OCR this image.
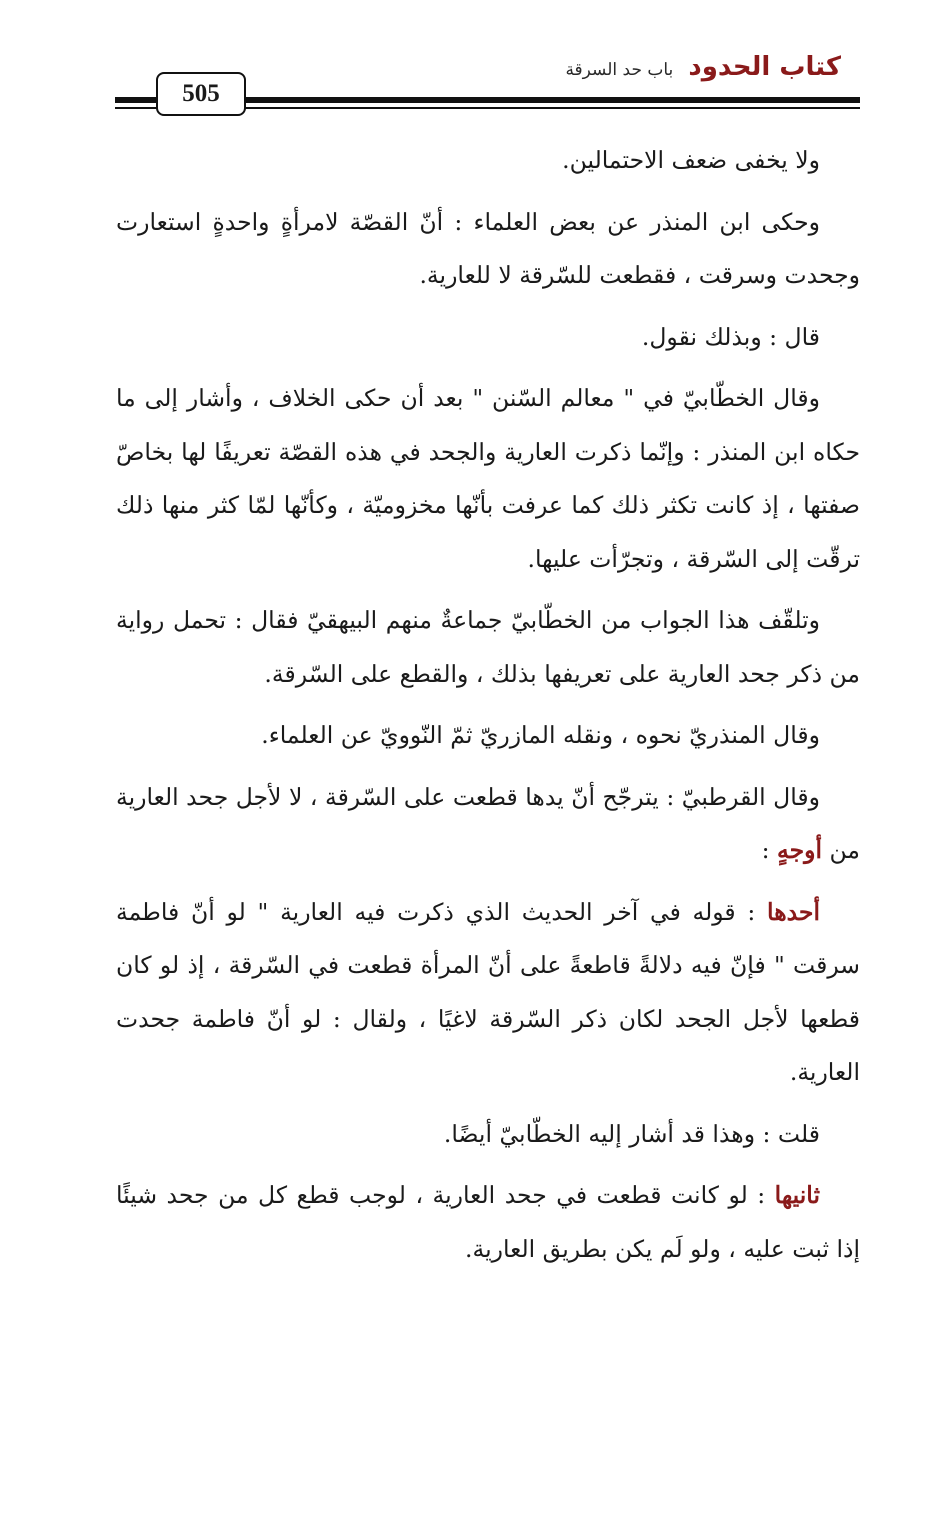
كتاب الحدود باب حد السرقة
505

ولا يخفى ضعف الاحتمالين.

وحكى ابن المنذر عن بعض العلماء : أنّ القصّة لامرأةٍ واحدةٍ استعارت وجحدت وسرقت ، فقطعت للسّرقة لا للعارية.

قال : وبذلك نقول.

وقال الخطّابيّ في " معالم السّنن " بعد أن حكى الخلاف ، وأشار إلى ما حكاه ابن المنذر : وإنّما ذكرت العارية والجحد في هذه القصّة تعريفًا لها بخاصّ صفتها ، إذ كانت تكثر ذلك كما عرفت بأنّها مخزوميّة ، وكأنّها لمّا كثر منها ذلك ترقّت إلى السّرقة ، وتجرّأت عليها.

وتلقّف هذا الجواب من الخطّابيّ جماعةٌ منهم البيهقيّ فقال : تحمل رواية من ذكر جحد العارية على تعريفها بذلك ، والقطع على السّرقة.

وقال المنذريّ نحوه ، ونقله المازريّ ثمّ النّوويّ عن العلماء.

وقال القرطبيّ : يترجّح أنّ يدها قطعت على السّرقة ، لا لأجل جحد العارية من أوجهٍ :

أحدها : قوله في آخر الحديث الذي ذكرت فيه العارية " لو أنّ فاطمة سرقت " فإنّ فيه دلالةً قاطعةً على أنّ المرأة قطعت في السّرقة ، إذ لو كان قطعها لأجل الجحد لكان ذكر السّرقة لاغيًا ، ولقال : لو أنّ فاطمة جحدت العارية.

قلت : وهذا قد أشار إليه الخطّابيّ أيضًا.

ثانيها : لو كانت قطعت في جحد العارية ، لوجب قطع كل من جحد شيئًا إذا ثبت عليه ، ولو لَم يكن بطريق العارية.
